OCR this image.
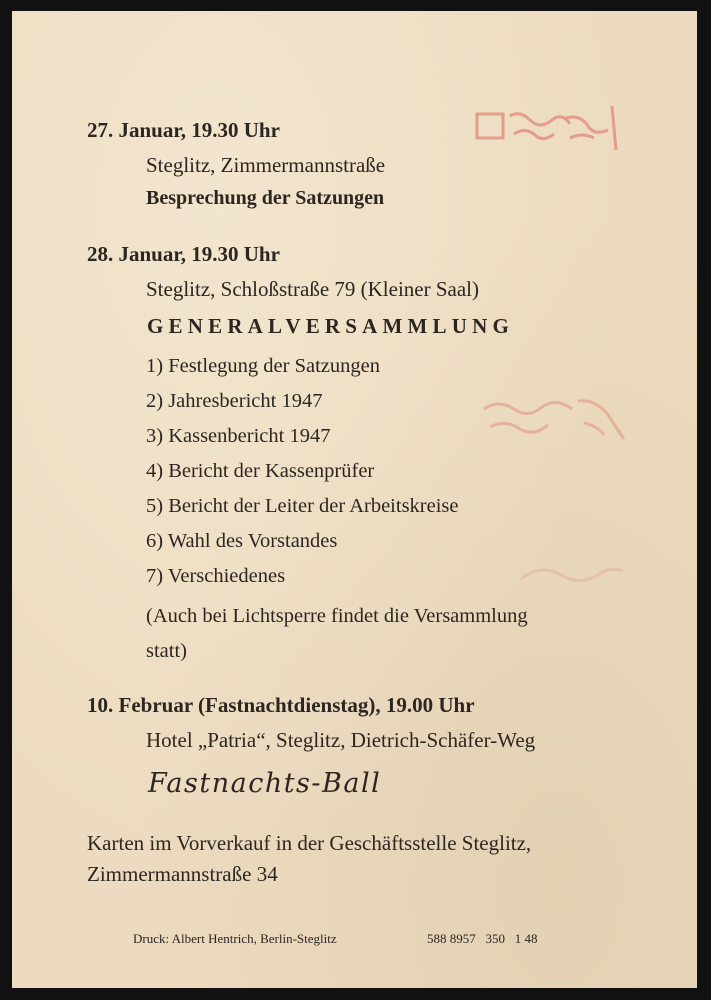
27. Januar, 19.30 Uhr
Steglitz, Zimmermannstraße
Besprechung der Satzungen
28. Januar, 19.30 Uhr
Steglitz, Schloßstraße 79 (Kleiner Saal)
GENERALVERSAMMLUNG
1) Festlegung der Satzungen
2) Jahresbericht 1947
3) Kassenbericht 1947
4) Bericht der Kassenprüfer
5) Bericht der Leiter der Arbeitskreise
6) Wahl des Vorstandes
7) Verschiedenes
(Auch bei Lichtsperre findet die Versammlung
statt)
10. Februar (Fastnachtdienstag), 19.00 Uhr
Hotel „Patria“, Steglitz, Dietrich-Schäfer-Weg
Fastnachts-Ball
Karten im Vorverkauf in der Geschäftsstelle Steglitz,
Zimmermannstraße 34
Druck: Albert Hentrich, Berlin-Steglitz	588 8957   350   1 48
